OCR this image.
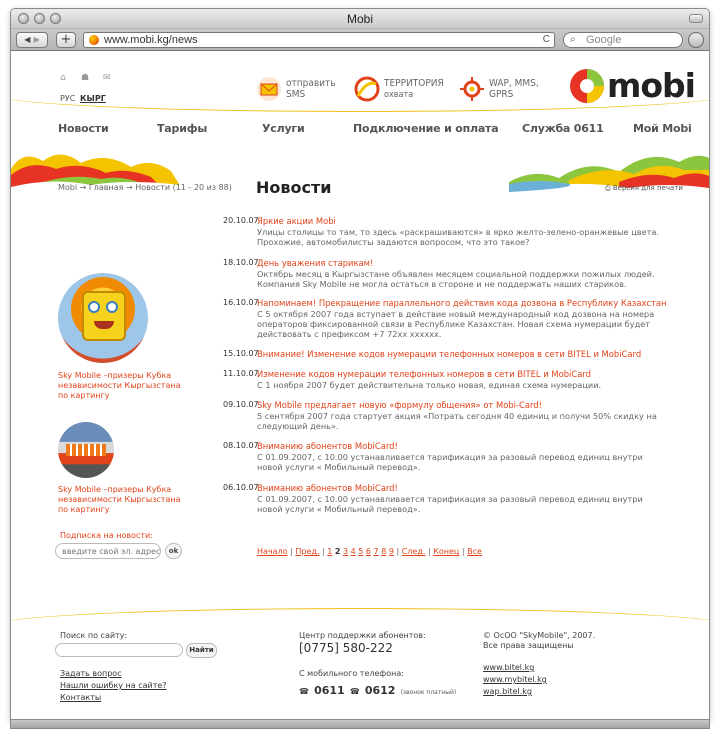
Mobi
◀ ▶	+	www.mobi.kg/news	C ⌕ Google
⌂ ☗ ✉
РУС КЫРГ
отправить
SMS
ТЕРРИТОРИЯ
охвата
WAP, MMS,
GPRS	mobi
Новости	Тарифы	Услуги	Подключение и оплата Служба 0611	Мой Mobi
Mobi → Главная → Новости (11 - 20 из 88) Новости	⎙ Версия для печати
20.10.07
Яркие акции Mobi
Улицы столицы то там, то здесь «раскрашиваются» в ярко желто-зелено-оранжевые цвета. Прохожие, автомобилисты задаются вопросом, что это такое?
18.10.07
День уважения старикам!
Октябрь месяц в Кыргызстане объявлен месяцем социальной поддержки пожилых людей. Компания Sky Mobile не могла остаться в стороне и не поддержать наших стариков.
16.10.07
Напоминаем! Прекращение параллельного действия кода дозвона в Республику Казахстан
С 5 октября 2007 года вступает в действие новый международный код дозвона на номера операторов фиксированной связи в Республике Казахстан. Новая схема нумерации будет действовать с префиксом +7 72xx xxxxxx.
15.10.07
Внимание! Изменение кодов нумерации телефонных номеров в сети BITEL и MobiCard
11.10.07
Изменение кодов нумерации телефонных номеров в сети BITEL и MobiCard
С 1 ноября 2007 будет действительна только новая, единая схема нумерации.
09.10.07
Sky Mobile предлагает новую «формулу общения» от Mobi-Card!
5 сентября 2007 года стартует акция «Потрать сегодня 40 единиц и получи 50% скидку на следующий день».
08.10.07
Вниманию абонентов MobiCard!
С 01.09.2007, с 10.00 устанавливается тарификация за разовый перевод единиц внутри новой услуги « Мобильный перевод».
06.10.07
Вниманию абонентов MobiCard!
С 01.09.2007, с 10.00 устанавливается тарификация за разовый перевод единиц внутри новой услуги « Мобильный перевод».
Начало | Пред. | 1 2 3 4 5 6 7 8 9 | След. | Конец | Все
Sky Mobile –призеры Кубка независимости Кыргызстана по картингу
Sky Mobile –призеры Кубка независимости Кыргызстана по картингу
Подписка на новости:
введите свой эл. адрес
ok
Поиск по сайту:
Найти
Задать вопрос
Нашли ошибку на сайте?
Контакты
Центр поддержки абонентов:
[0775] 580-222
С мобильного телефона:
☎ 0611 ☎ 0612 (звонок платный)
© ОсОО "SkyMobile", 2007.
Все права защищены
www.bitel.kg
www.mybitel.kg
wap.bitel.kg
